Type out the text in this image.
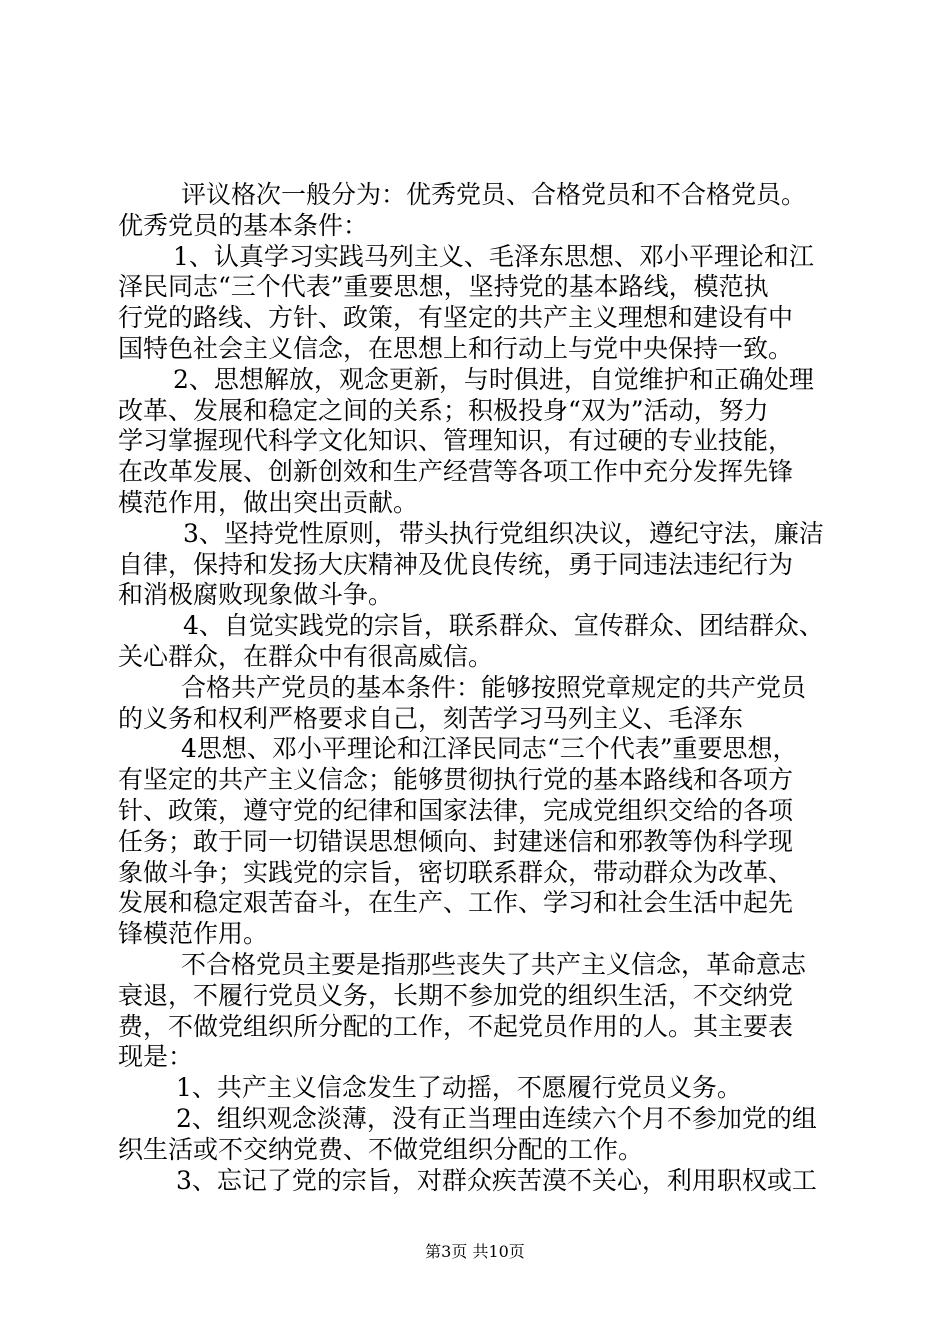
评议格次一般分为：优秀党员、合格党员和不合格党员。
优秀党员的基本条件：
1、认真学习实践马列主义、毛泽东思想、邓小平理论和江
泽民同志“三个代表”重要思想，坚持党的基本路线，模范执
行党的路线、方针、政策，有坚定的共产主义理想和建设有中
国特色社会主义信念，在思想上和行动上与党中央保持一致。
2、思想解放，观念更新，与时俱进，自觉维护和正确处理
改革、发展和稳定之间的关系；积极投身“双为”活动，努力
学习掌握现代科学文化知识、管理知识，有过硬的专业技能，
在改革发展、创新创效和生产经营等各项工作中充分发挥先锋
模范作用，做出突出贡献。
3、坚持党性原则，带头执行党组织决议，遵纪守法，廉洁
自律，保持和发扬大庆精神及优良传统，勇于同违法违纪行为
和消极腐败现象做斗争。
4、自觉实践党的宗旨，联系群众、宣传群众、团结群众、
关心群众，在群众中有很高威信。
合格共产党员的基本条件：能够按照党章规定的共产党员
的义务和权利严格要求自己，刻苦学习马列主义、毛泽东
4思想、邓小平理论和江泽民同志“三个代表”重要思想，
有坚定的共产主义信念；能够贯彻执行党的基本路线和各项方
针、政策，遵守党的纪律和国家法律，完成党组织交给的各项
任务；敢于同一切错误思想倾向、封建迷信和邪教等伪科学现
象做斗争；实践党的宗旨，密切联系群众，带动群众为改革、
发展和稳定艰苦奋斗，在生产、工作、学习和社会生活中起先
锋模范作用。
不合格党员主要是指那些丧失了共产主义信念，革命意志
衰退，不履行党员义务，长期不参加党的组织生活，不交纳党
费，不做党组织所分配的工作，不起党员作用的人。其主要表
现是：
1、共产主义信念发生了动摇，不愿履行党员义务。
2、组织观念淡薄，没有正当理由连续六个月不参加党的组
织生活或不交纳党费、不做党组织分配的工作。
3、忘记了党的宗旨，对群众疾苦漠不关心，利用职权或工
第3页 共10页
